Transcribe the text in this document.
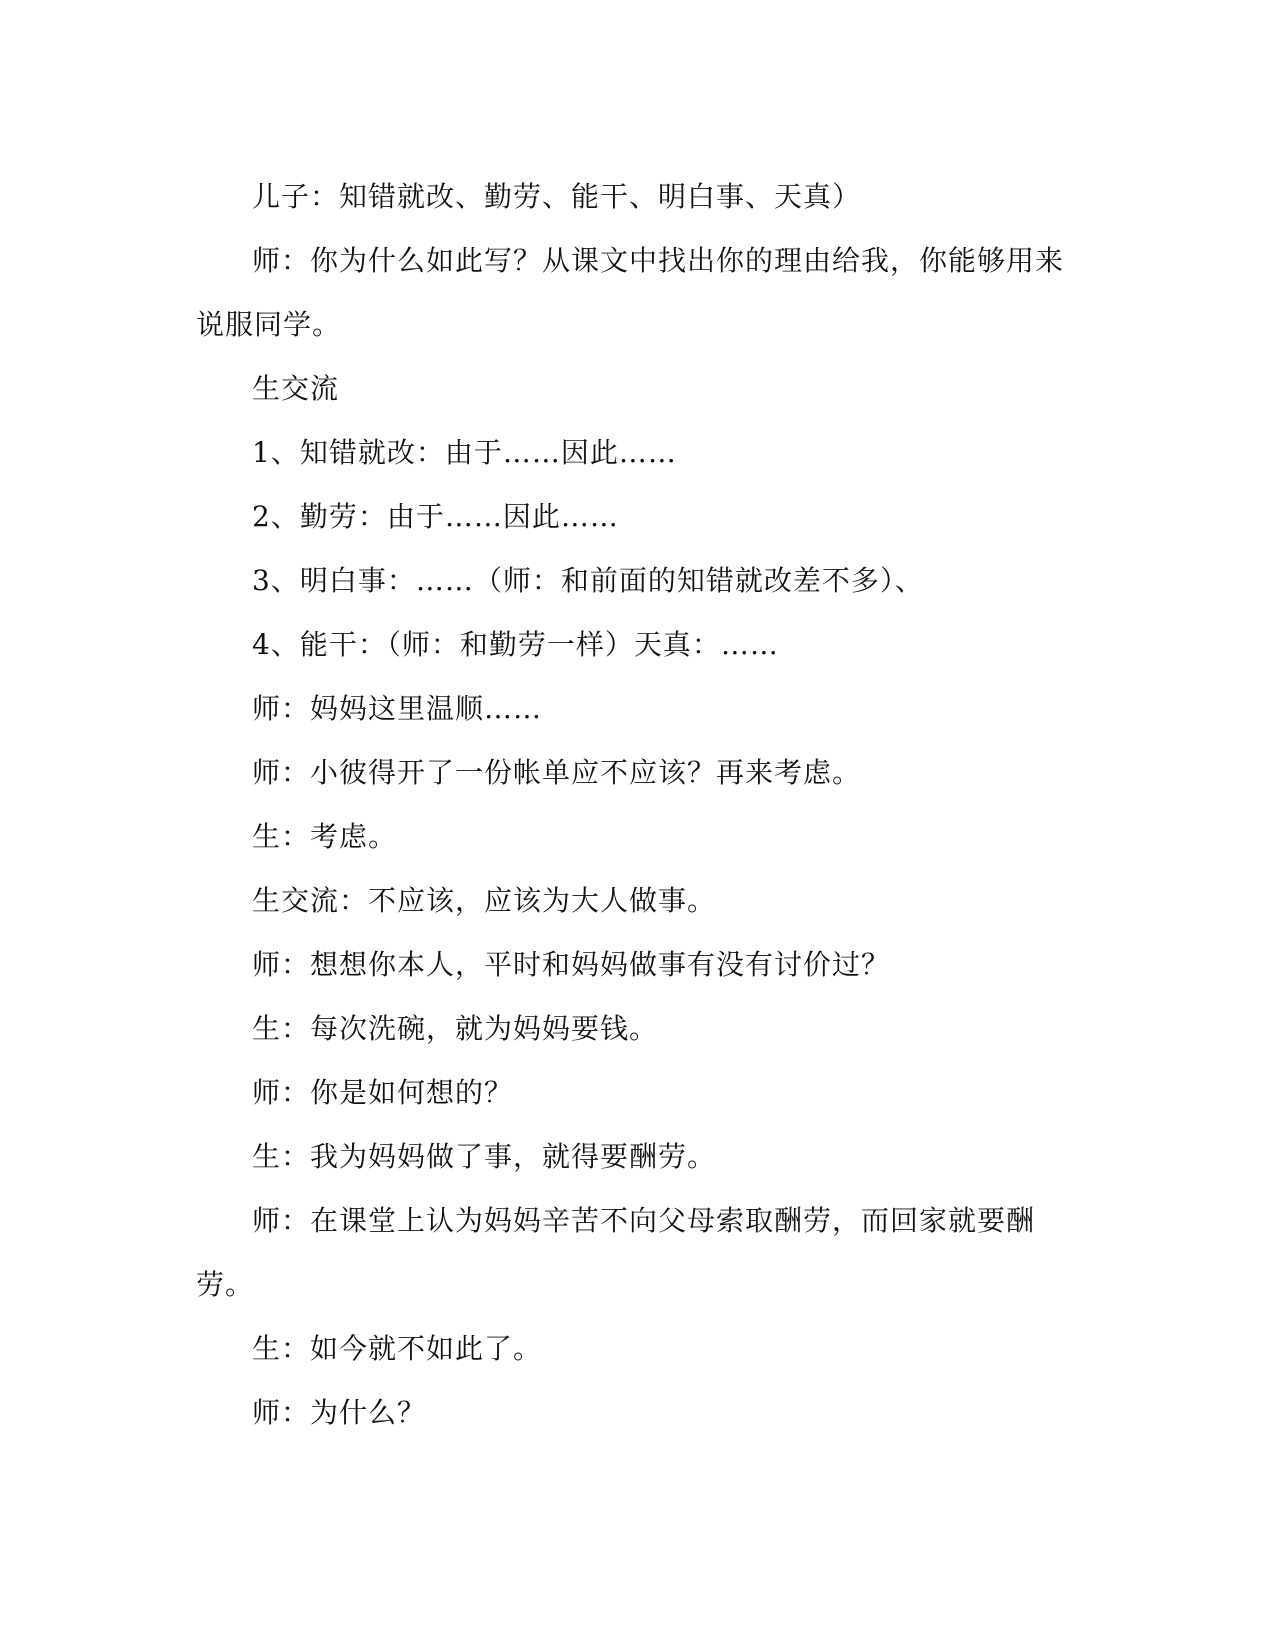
儿子：知错就改、勤劳、能干、明白事、天真）

师：你为什么如此写？从课文中找出你的理由给我，你能够用来说服同学。

生交流

1、知错就改：由于……因此……

2、勤劳：由于……因此……

3、明白事：……（师：和前面的知错就改差不多）、

4、能干：（师：和勤劳一样）天真：……

师：妈妈这里温顺……

师：小彼得开了一份帐单应不应该？再来考虑。

生：考虑。

生交流：不应该，应该为大人做事。

师：想想你本人，平时和妈妈做事有没有讨价过？

生：每次洗碗，就为妈妈要钱。

师：你是如何想的？

生：我为妈妈做了事，就得要酬劳。

师：在课堂上认为妈妈辛苦不向父母索取酬劳，而回家就要酬劳。

生：如今就不如此了。

师：为什么？
